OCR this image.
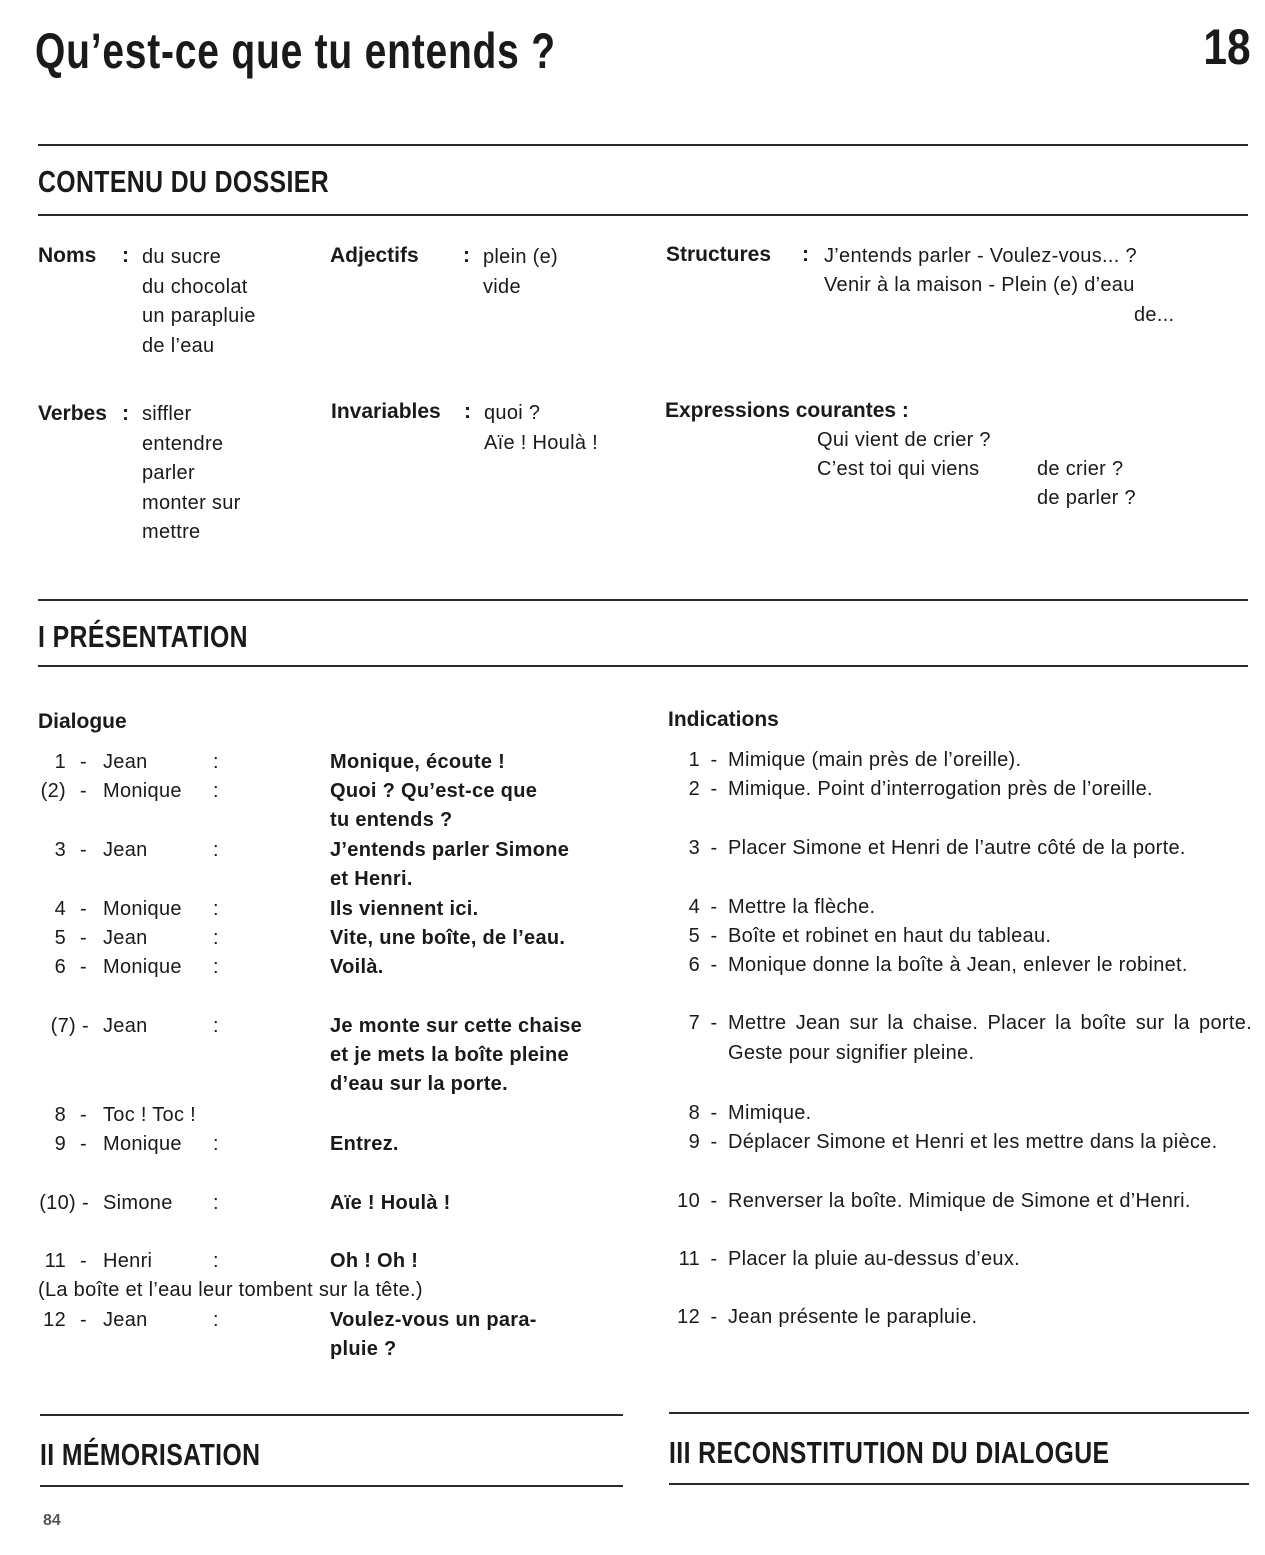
Qu’est-ce que tu entends ?	18
CONTENU DU DOSSIER
Noms : du sucre
du chocolat
un parapluie
de l’eau
Adjectifs : plein (e)
vide
Structures : J’entends parler - Voulez-vous... ?
Venir à la maison - Plein (e) d’eau
de...
Verbes : siffler
entendre
parler
monter sur
mettre
Invariables : quoi ?
Aïe ! Houlà !
Expressions courantes :
Qui vient de crier ?
C’est toi qui viens	de crier ?
de parler ?
I PRÉSENTATION
Dialogue	Indications
1 - Jean	:	Monique, écoute !
(2) - Monique :	Quoi ? Qu’est-ce que
tu entends ?
3 - Jean	:	J’entends parler Simone
et Henri.
4 - Monique :	Ils viennent ici.
5 - Jean	:	Vite, une boîte, de l’eau.
6 - Monique :	Voilà.
(7) - Jean	:	Je monte sur cette chaise
et je mets la boîte pleine
d’eau sur la porte.
8 - Toc ! Toc !
9 - Monique :	Entrez.
(10) - Simone :	Aïe ! Houlà !
11 - Henri	:	Oh ! Oh !
(La boîte et l’eau leur tombent sur la tête.)
12 - Jean	:	Voulez-vous un para-
pluie ?
1 - Mimique (main près de l’oreille).
2 - Mimique. Point d’interrogation près de l’oreille.
3 - Placer Simone et Henri de l’autre côté de la porte.
4 - Mettre la flèche.
5 - Boîte et robinet en haut du tableau.
6 - Monique donne la boîte à Jean, enlever le robinet.
7 - Mettre Jean sur la chaise. Placer la boîte sur la porte. Geste pour signifier pleine.
8 - Mimique.
9 - Déplacer Simone et Henri et les mettre dans la pièce.
10 - Renverser la boîte. Mimique de Simone et d’Henri.
11 - Placer la pluie au-dessus d’eux.
12 - Jean présente le parapluie.
II MÉMORISATION	III RECONSTITUTION DU DIALOGUE
84
